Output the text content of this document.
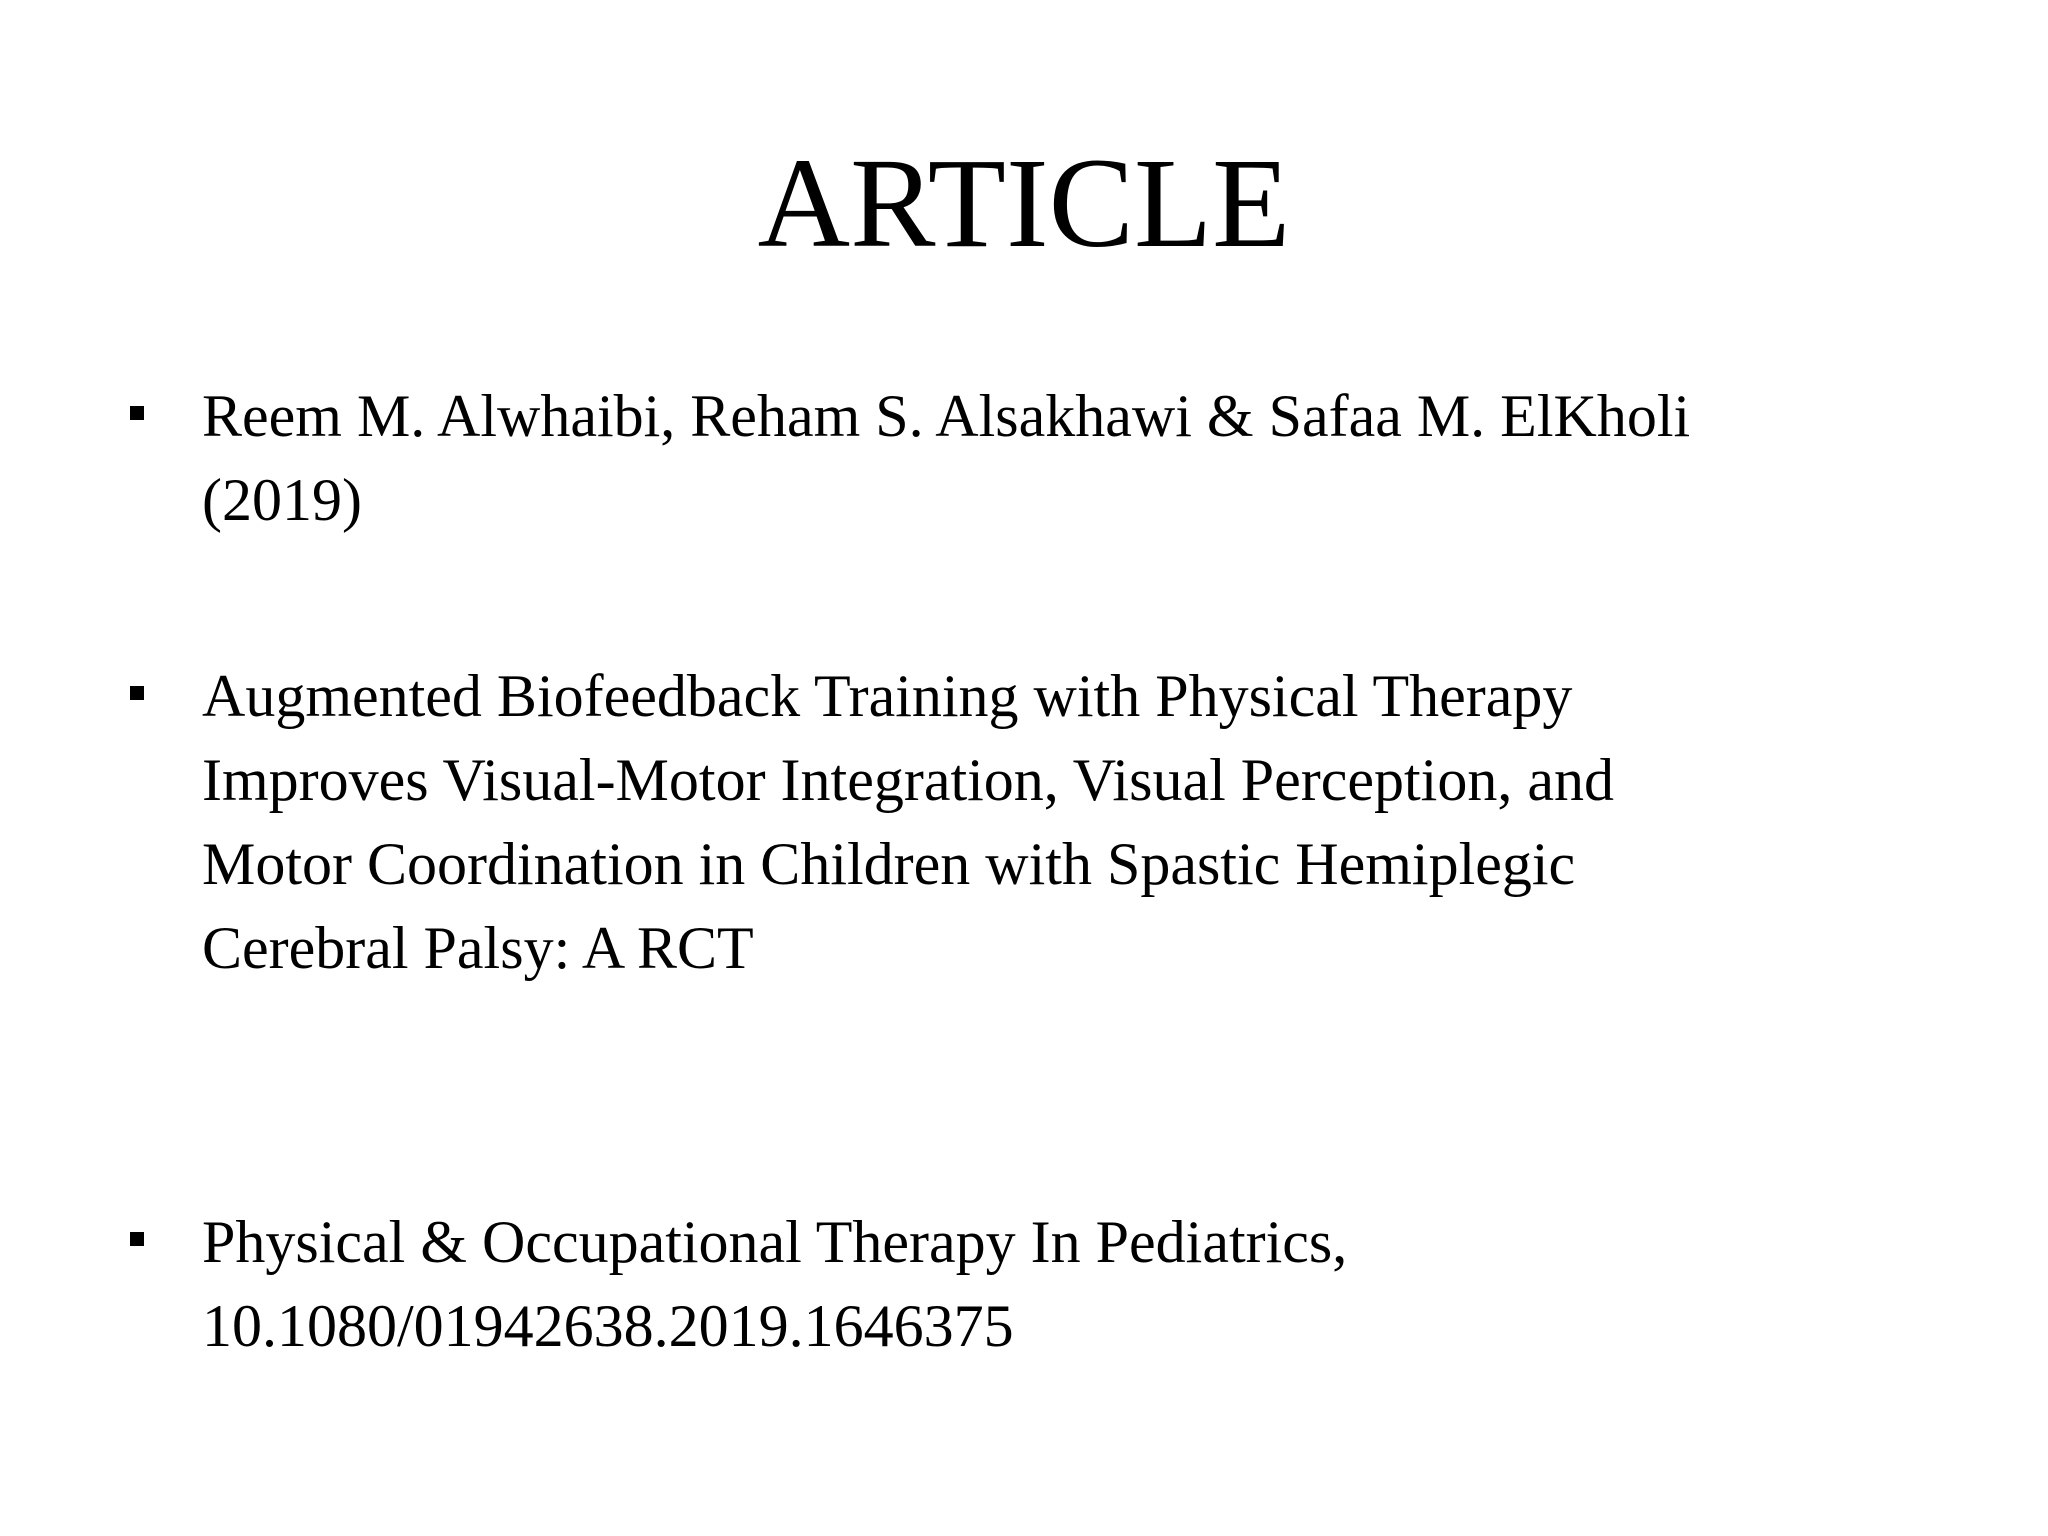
ARTICLE
Reem M. Alwhaibi, Reham S. Alsakhawi & Safaa M. ElKholi
(2019)
Augmented Biofeedback Training with Physical Therapy
Improves Visual-Motor Integration, Visual Perception, and
Motor Coordination in Children with Spastic Hemiplegic
Cerebral Palsy: A RCT
Physical & Occupational Therapy In Pediatrics,
10.1080/01942638.2019.1646375
